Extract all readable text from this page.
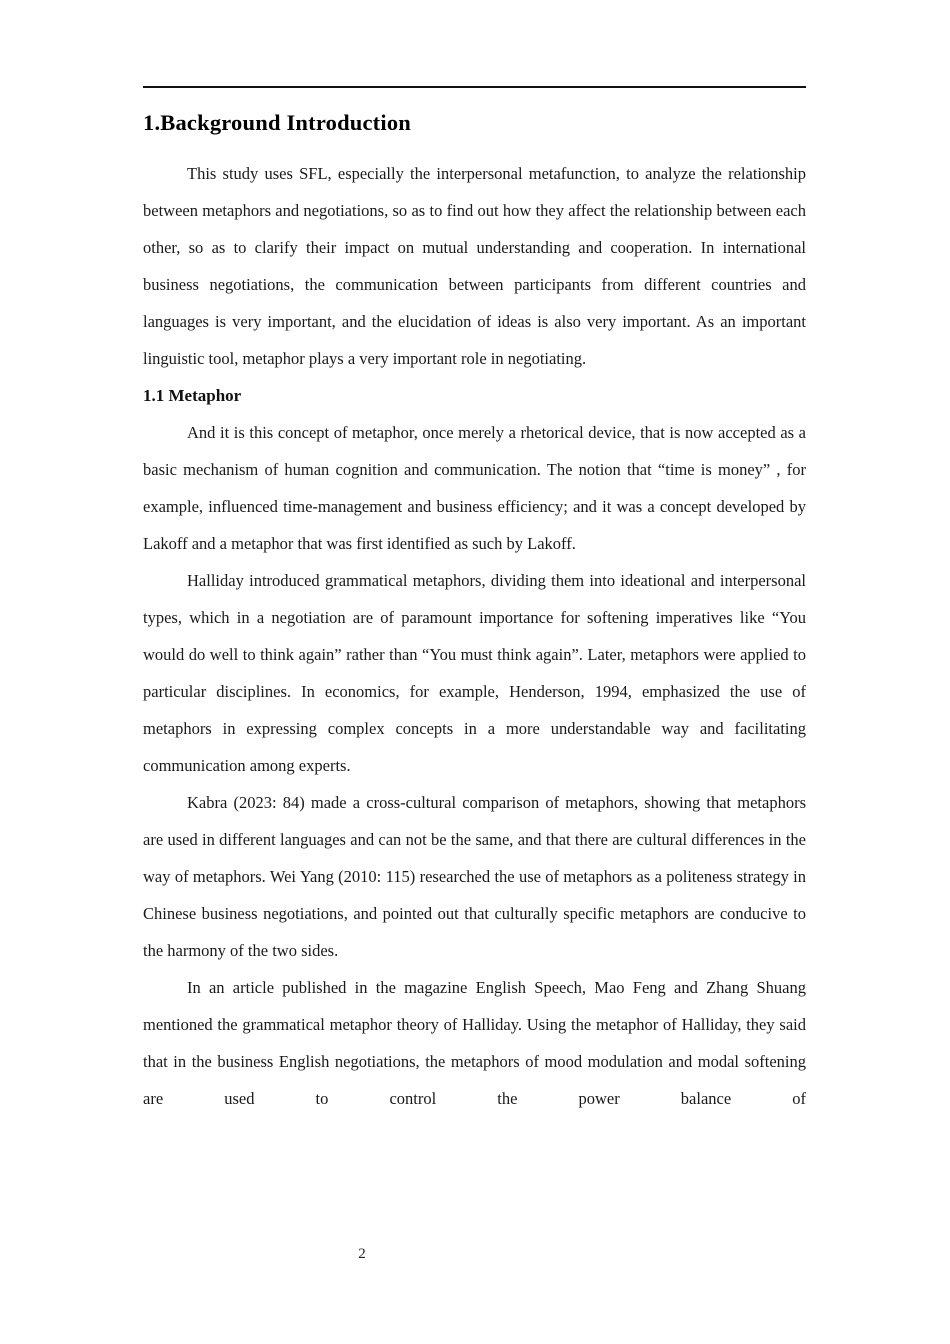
1.Background Introduction

This study uses SFL, especially the interpersonal metafunction, to analyze the relationship between metaphors and negotiations, so as to find out how they affect the relationship between each other, so as to clarify their impact on mutual understanding and cooperation. In international business negotiations, the communication between participants from different countries and languages is very important, and the elucidation of ideas is also very important. As an important linguistic tool, metaphor plays a very important role in negotiating.

1.1 Metaphor

And it is this concept of metaphor, once merely a rhetorical device, that is now accepted as a basic mechanism of human cognition and communication. The notion that “time is money” , for example, influenced time-management and business efficiency; and it was a concept developed by Lakoff and a metaphor that was first identified as such by Lakoff.

Halliday introduced grammatical metaphors, dividing them into ideational and interpersonal types, which in a negotiation are of paramount importance for softening imperatives like “You would do well to think again” rather than “You must think again”. Later, metaphors were applied to particular disciplines. In economics, for example, Henderson, 1994, emphasized the use of metaphors in expressing complex concepts in a more understandable way and facilitating communication among experts.

Kabra (2023: 84) made a cross-cultural comparison of metaphors, showing that metaphors are used in different languages and can not be the same, and that there are cultural differences in the way of metaphors. Wei Yang (2010: 115) researched the use of metaphors as a politeness strategy in Chinese business negotiations, and pointed out that culturally specific metaphors are conducive to the harmony of the two sides.

In an article published in the magazine English Speech, Mao Feng and Zhang Shuang mentioned the grammatical metaphor theory of Halliday. Using the metaphor of Halliday, they said that in the business English negotiations, the metaphors of mood modulation and modal softening are used to control the power balance of

2
